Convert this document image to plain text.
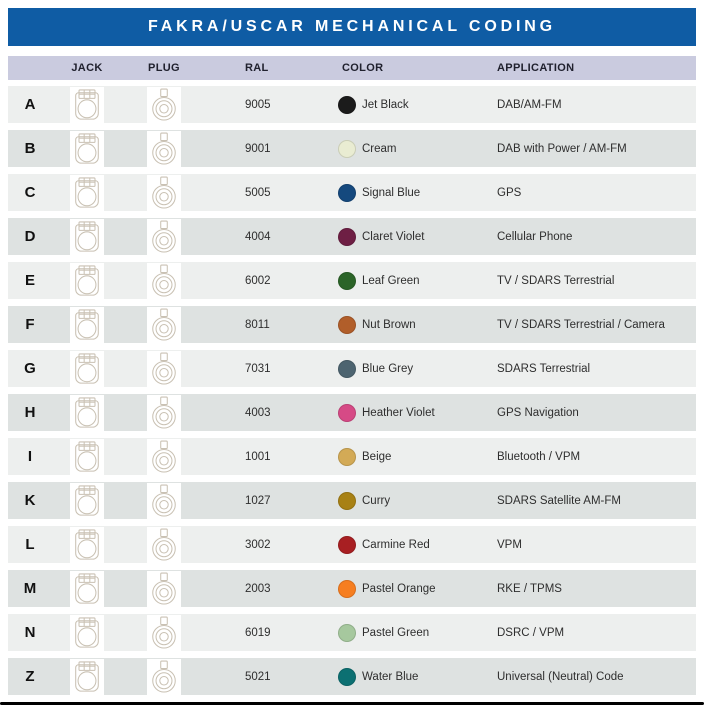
FAKRA/USCAR MECHANICAL CODING
JACK	PLUG	RAL	COLOR	APPLICATION
A	9005	Jet Black	DAB/AM-FM
B	9001	Cream	DAB with Power / AM-FM
C	5005	Signal Blue	GPS
D	4004	Claret Violet	Cellular Phone
E	6002	Leaf Green	TV / SDARS Terrestrial
F	8011	Nut Brown	TV / SDARS Terrestrial / Camera
G	7031	Blue Grey	SDARS Terrestrial
H	4003	Heather Violet	GPS Navigation
I	1001	Beige	Bluetooth / VPM
K	1027	Curry	SDARS Satellite AM-FM
L	3002	Carmine Red	VPM
M	2003	Pastel Orange	RKE / TPMS
N	6019	Pastel Green	DSRC / VPM
Z	5021	Water Blue	Universal (Neutral) Code
